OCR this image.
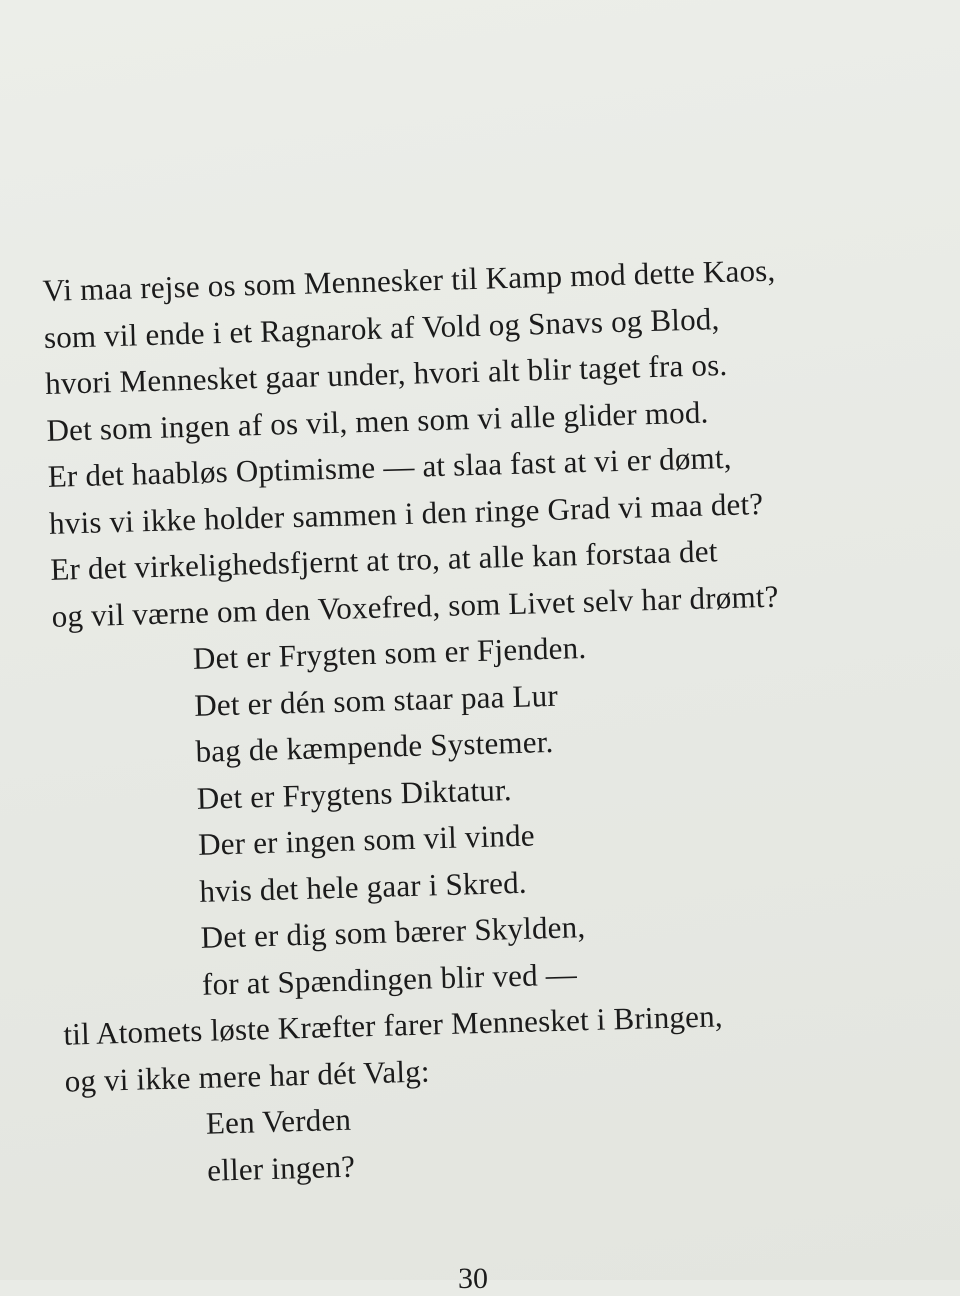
Vi maa rejse os som Mennesker til Kamp mod dette Kaos,
som vil ende i et Ragnarok af Vold og Snavs og Blod,
hvori Mennesket gaar under, hvori alt blir taget fra os.
Det som ingen af os vil, men som vi alle glider mod.
Er det haabløs Optimisme — at slaa fast at vi er dømt,
hvis vi ikke holder sammen i den ringe Grad vi maa det?
Er det virkelighedsfjernt at tro, at alle kan forstaa det
og vil værne om den Voxefred, som Livet selv har drømt?
Det er Frygten som er Fjenden.
Det er dén som staar paa Lur
bag de kæmpende Systemer.
Det er Frygtens Diktatur.
Der er ingen som vil vinde
hvis det hele gaar i Skred.
Det er dig som bærer Skylden,
for at Spændingen blir ved —
til Atomets løste Kræfter farer Mennesket i Bringen,
og vi ikke mere har dét Valg:
Een Verden
eller ingen?
30
